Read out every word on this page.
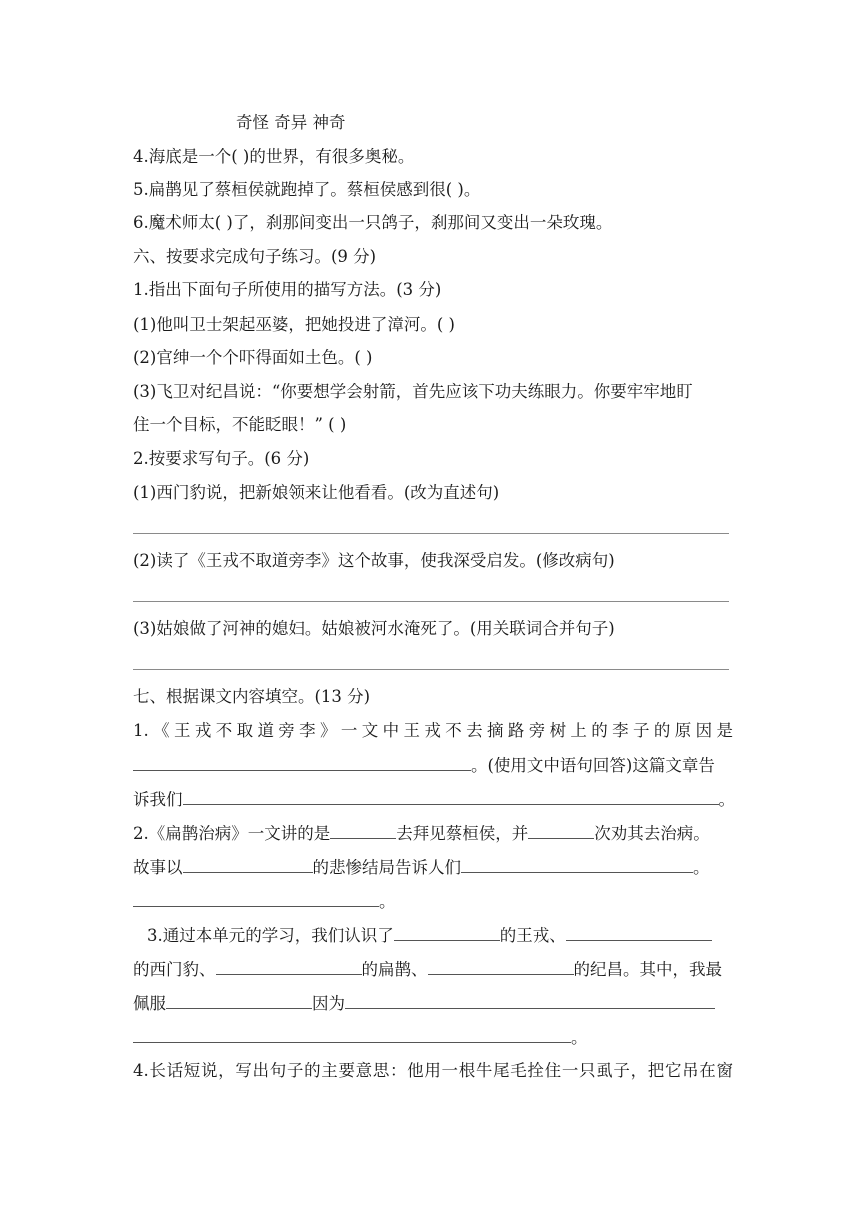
奇怪 奇异 神奇
4.海底是一个( )的世界，有很多奥秘。
5.扁鹊见了蔡桓侯就跑掉了。蔡桓侯感到很( )。
6.魔术师太( )了，刹那间变出一只鸽子，刹那间又变出一朵玫瑰。
六、按要求完成句子练习。(9 分)
1.指出下面句子所使用的描写方法。(3 分)
(1)他叫卫士架起巫婆，把她投进了漳河。( )
(2)官绅一个个吓得面如土色。( )
(3)飞卫对纪昌说：“你要想学会射箭，首先应该下功夫练眼力。你要牢牢地盯
住一个目标，不能眨眼！” ( )
2.按要求写句子。(6 分)
(1)西门豹说，把新娘领来让他看看。(改为直述句)
(2)读了《王戎不取道旁李》这个故事，使我深受启发。(修改病句)
(3)姑娘做了河神的媳妇。姑娘被河水淹死了。(用关联词合并句子)
七、根据课文内容填空。(13 分)
1.《王戎不取道旁李》一文中王戎不去摘路旁树上的李子的原因是
。(使用文中语句回答)这篇文章告
诉我们	。
2.《扁鹊治病》一文讲的是	去拜见蔡桓侯，并	次劝其去治病。
故事以	的悲惨结局告诉人们	。
。
3.通过本单元的学习，我们认识了	的王戎、
的西门豹、	的扁鹊、	的纪昌。其中，我最
佩服	因为
。
4.长话短说，写出句子的主要意思：他用一根牛尾毛拴住一只虱子，把它吊在窗
